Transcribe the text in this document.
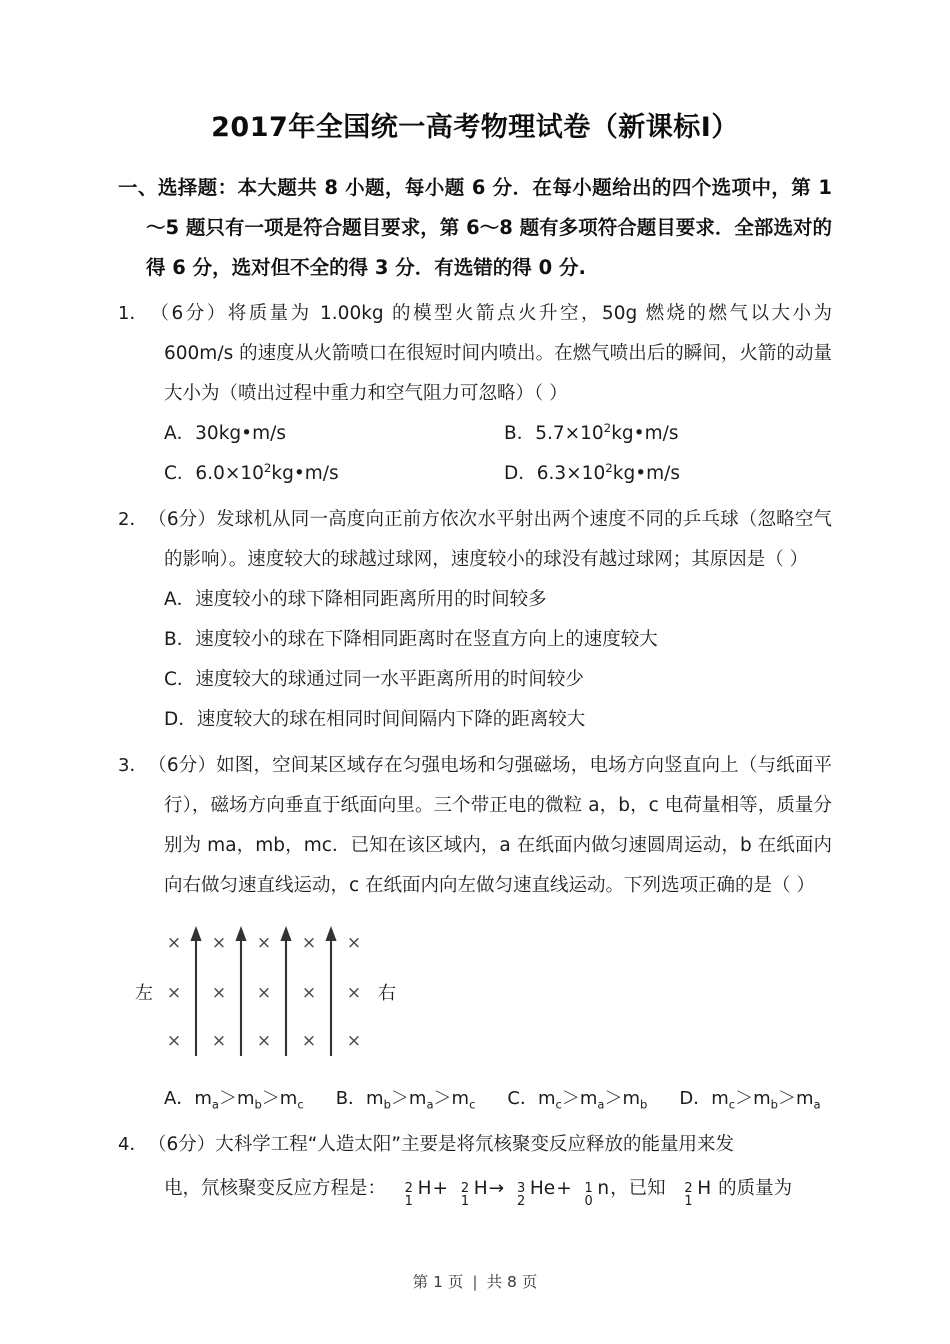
2017年全国统一高考物理试卷（新课标Ⅰ）

一、选择题：本大题共 8 小题，每小题 6 分．在每小题给出的四个选项中，第 1～5 题只有一项是符合题目要求，第 6～8 题有多项符合题目要求．全部选对的得 6 分，选对但不全的得 3 分．有选错的得 0 分.

1．（6分）将质量为 1.00kg 的模型火箭点火升空，50g 燃烧的燃气以大小为 600m/s 的速度从火箭喷口在很短时间内喷出。在燃气喷出后的瞬间，火箭的动量大小为（喷出过程中重力和空气阻力可忽略）（ ）
A．30kg•m/s	B．$5.7\times 10^2kg•m/s$
C．$6.0\times 10^2kg•m/s$	D．$6.3\times 10^2kg•m/s$
2．（6分）发球机从同一高度向正前方依次水平射出两个速度不同的乒乓球（忽略空气的影响）。速度较大的球越过球网，速度较小的球没有越过球网；其原因是（ ）
A．速度较小的球下降相同距离所用的时间较多
B．速度较小的球在下降相同距离时在竖直方向上的速度较大
C．速度较大的球通过同一水平距离所用的时间较少
D．速度较大的球在相同时间间隔内下降的距离较大
3．（6分）如图，空间某区域存在匀强电场和匀强磁场，电场方向竖直向上（与纸面平行），磁场方向垂直于纸面向里。三个带正电的微粒 a，b，c 电荷量相等，质量分别为 ma，mb，mc．已知在该区域内，a 在纸面内做匀速圆周运动，b 在纸面内向右做匀速直线运动，c 在纸面内向左做匀速直线运动。下列选项正确的是（ ）
× × × × ×
× × × × ×
× × × × ×
左	右
A．$m_a>m_b>m_c$ B．$m_b>m_a>m_c$ C．$m_c>m_a>m_b$ D．$m_c>m_b>m_a$
4．（6分）大科学工程“人造太阳”主要是将氘核聚变反应释放的能量用来发
电，氘核聚变反应方程是： 2
1
H+ 2
1
H→ 3
2
He+ 1
0
n，已知 2
1
H 的质量为
第 1 页 | 共 8 页
